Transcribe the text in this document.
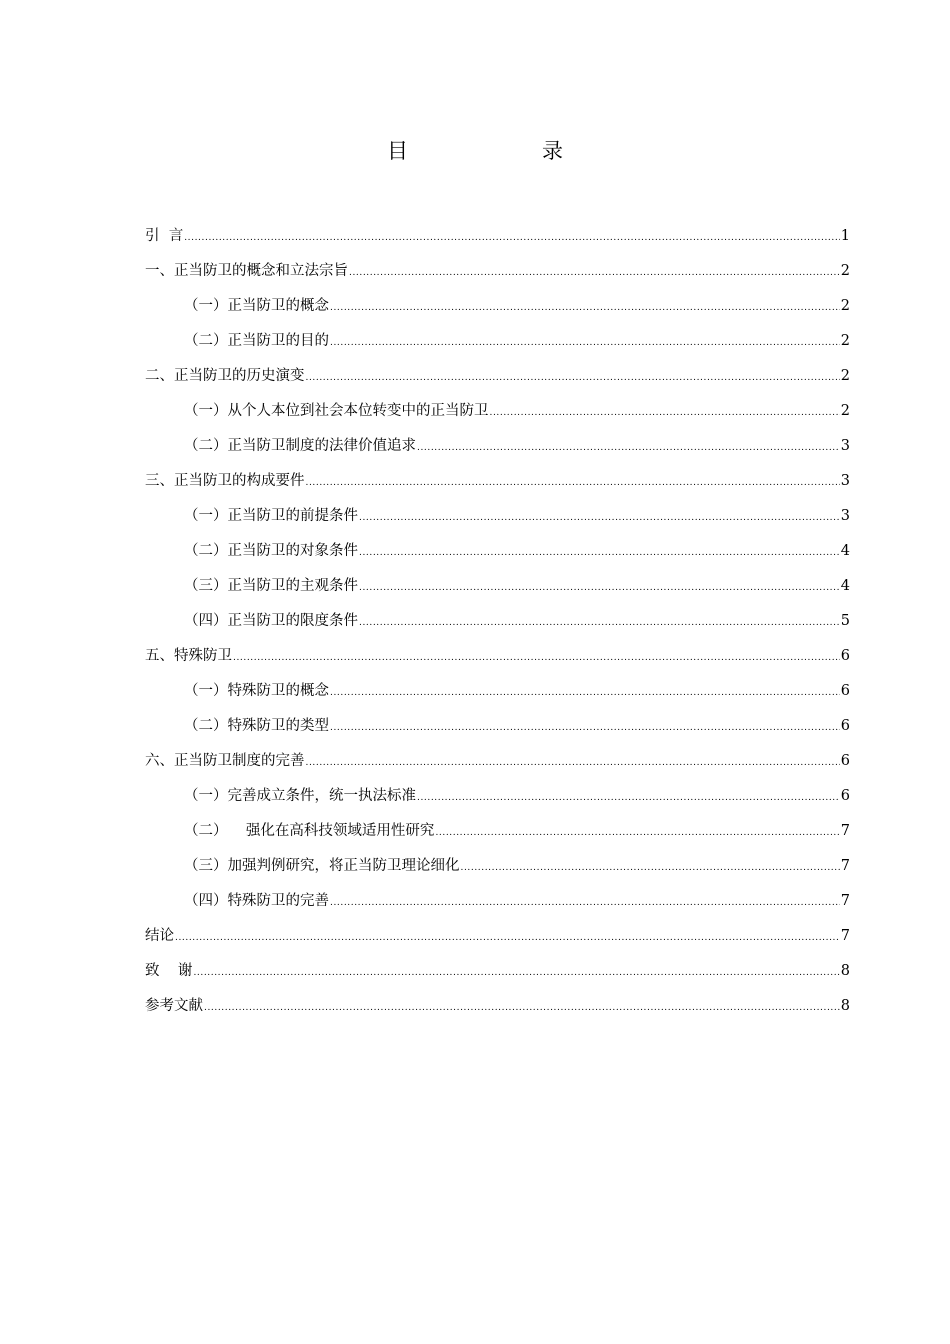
目	录
引  言 .....	1
一、正当防卫的概念和立法宗旨 .....	2
（一）正当防卫的概念 .....	2
（二）正当防卫的目的 .....	2
二、正当防卫的历史演变 .....	2
（一）从个人本位到社会本位转变中的正当防卫 .....	2
（二）正当防卫制度的法律价值追求 .....	3
三、正当防卫的构成要件 .....	3
（一）正当防卫的前提条件 .....	3
（二）正当防卫的对象条件 .....	4
（三）正当防卫的主观条件 .....	4
（四）正当防卫的限度条件 .....	5
五、特殊防卫 .....	6
（一）特殊防卫的概念 .....	6
（二）特殊防卫的类型 .....	6
六、正当防卫制度的完善 .....	6
（一）完善成立条件，统一执法标准 .....	6
（二）    强化在高科技领域适用性研究 .....	7
（三）加强判例研究，将正当防卫理论细化 .....	7
（四）特殊防卫的完善 .....	7
结论 .....	7
致    谢 .....	8
参考文献 .....	8
